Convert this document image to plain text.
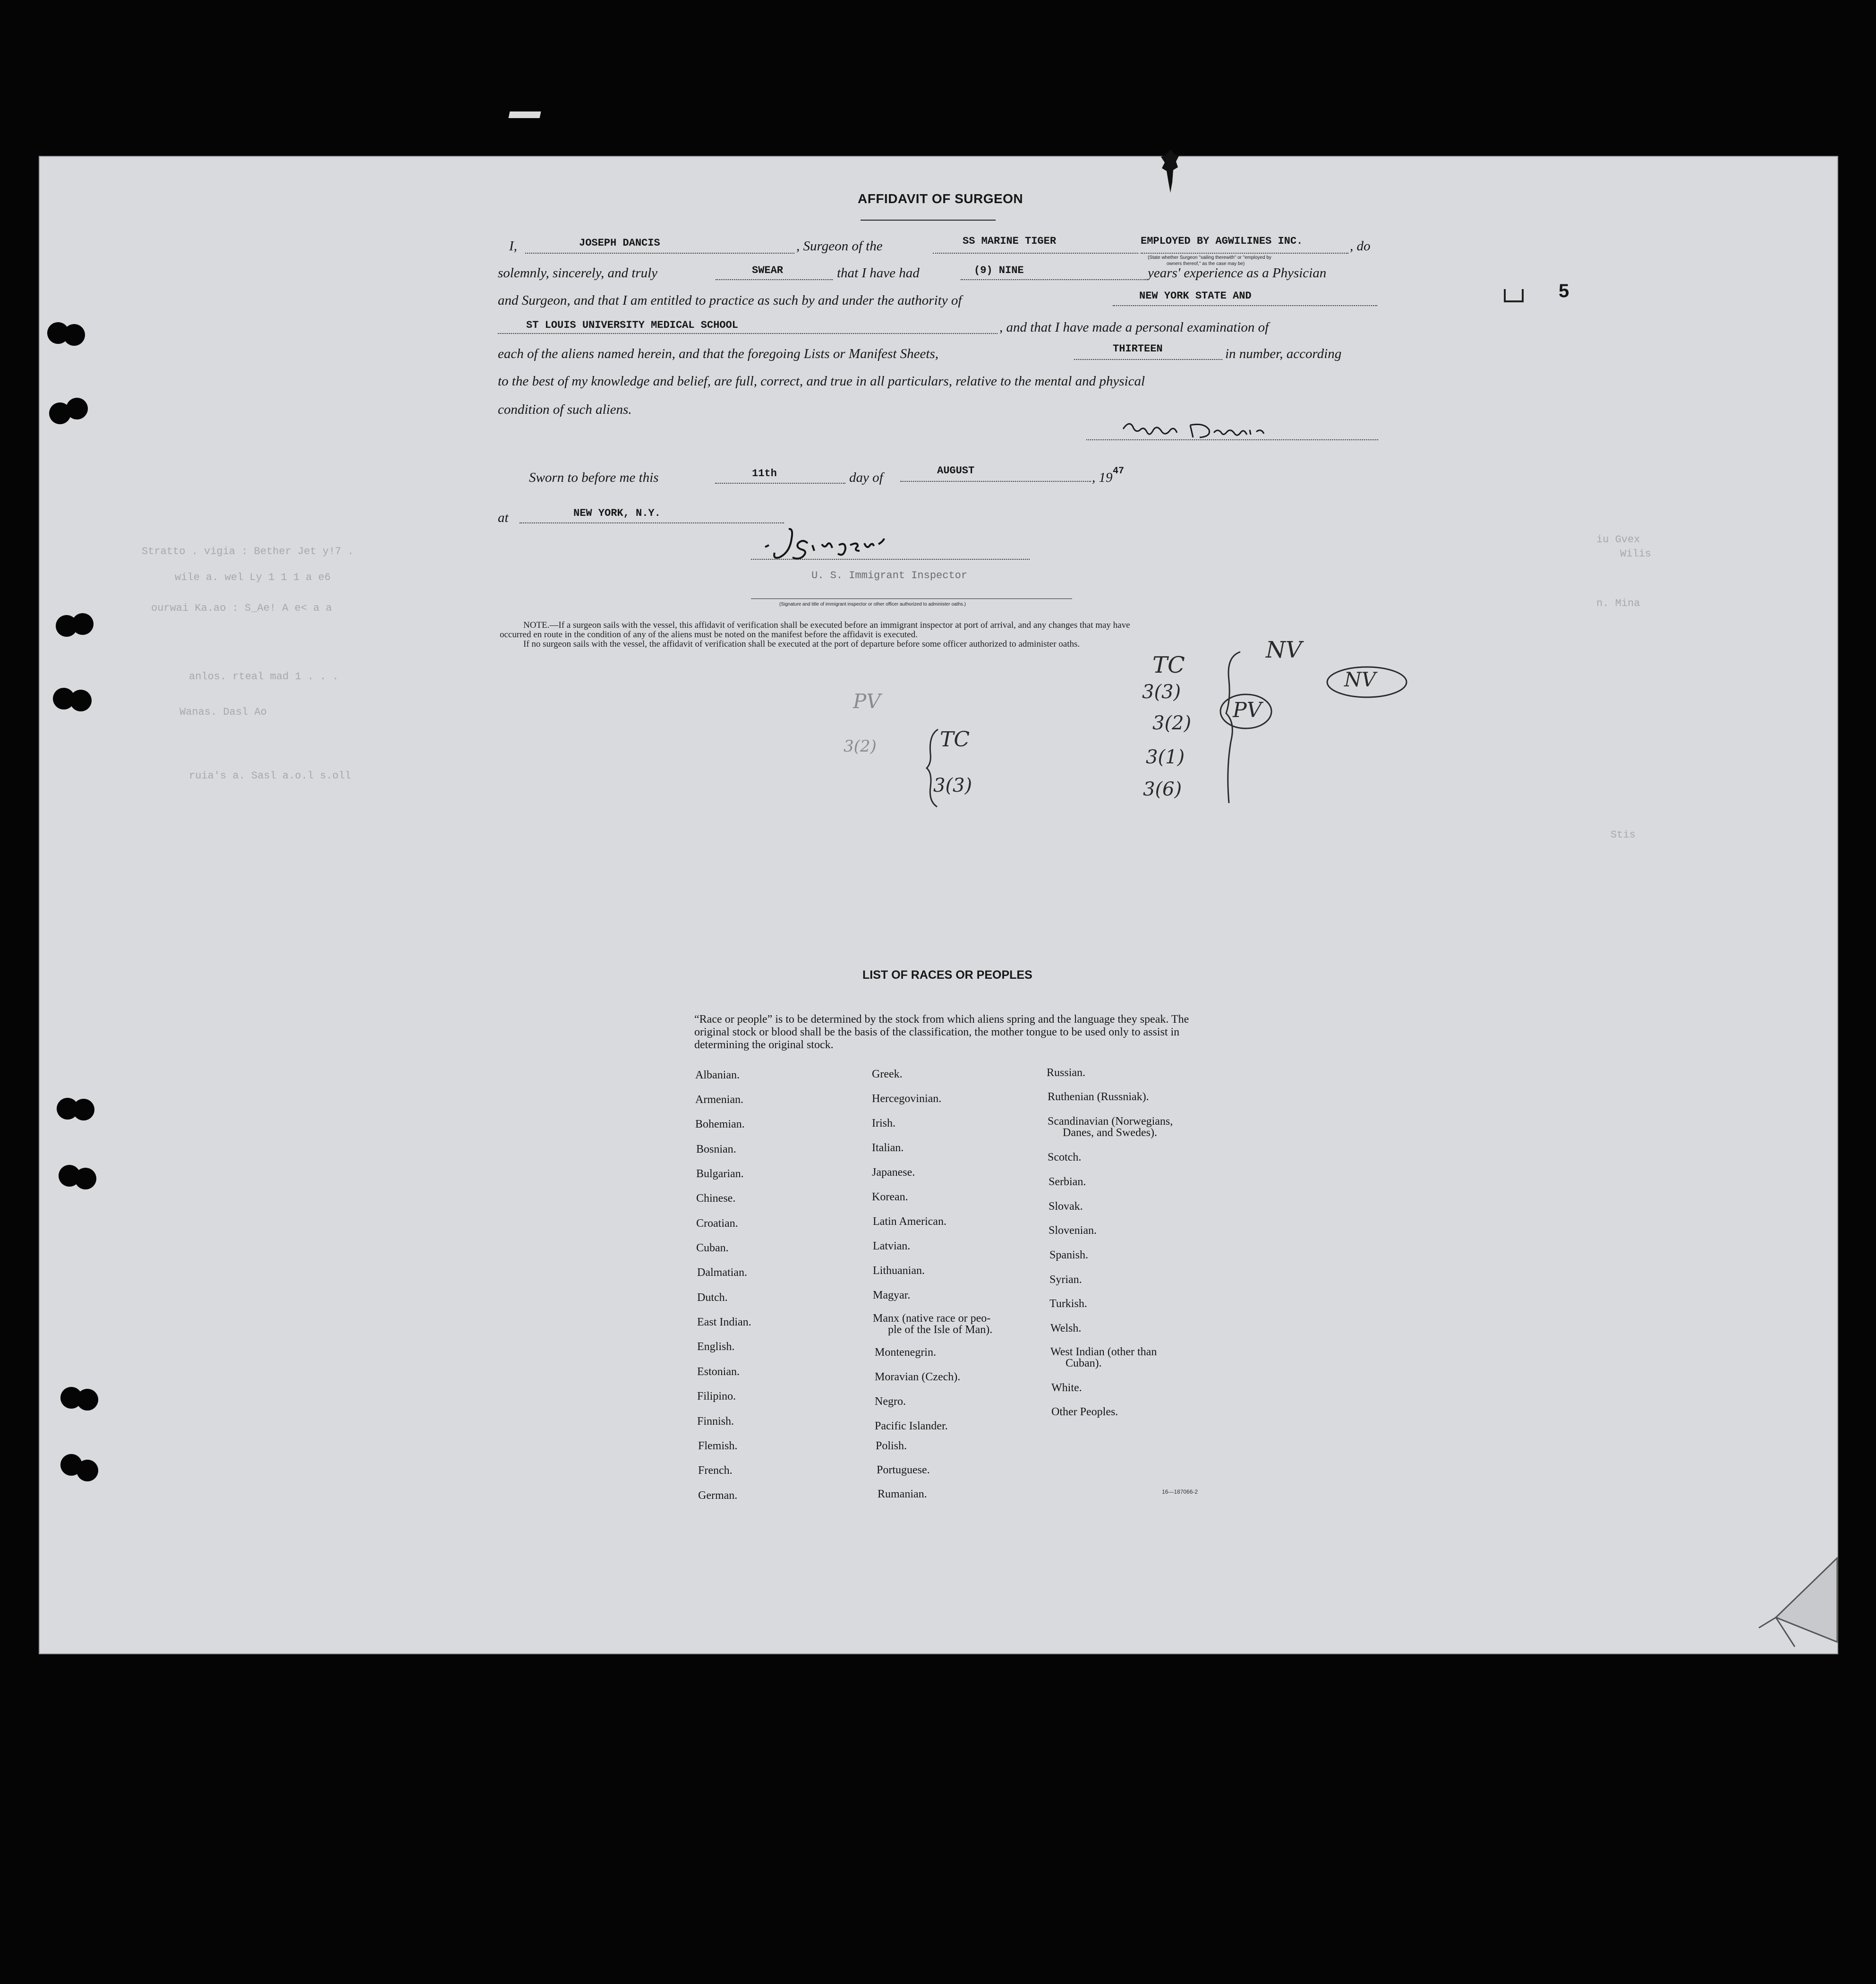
Stratto . vigia : Bether Jet y!7 .
wile a. wel Ly 1 1 1 a e6
ourwai Ka.ao : S_Ae! A e< a a
anlos. rteal mad 1 . . .
Wanas. Dasl Ao
ruia's a. Sasl a.o.l s.oll
iu Gvex
Wilis
n. Mina
Stis
AFFIDAVIT OF SURGEON
I,	JOSEPH DANCIS	, Surgeon of the	SS MARINE TIGER	EMPLOYED BY AGWILINES INC.	, do
(State whether Surgeon "sailing therewith" or "employed by
owners thereof," as the case may be)
solemnly, sincerely, and truly	SWEAR	that I have had	(9) NINE	years' experience as a Physician
and Surgeon, and that I am entitled to practice as such by and under the authority of	NEW YORK STATE AND
ST LOUIS UNIVERSITY MEDICAL SCHOOL	, and that I have made a personal examination of
each of the aliens named herein, and that the foregoing Lists or Manifest Sheets,	THIRTEEN	in number, according
to the best of my knowledge and belief, are full, correct, and true in all particulars, relative to the mental and physical
condition of such aliens.
Sworn to before me this	11th	day of	AUGUST	, 19 47
at	NEW YORK, N.Y.
U. S. Immigrant Inspector
(Signature and title of immigrant inspector or other officer authorized to administer oaths.)
NOTE.—If a surgeon sails with the vessel, this affidavit of verification shall be executed before an immigrant inspector at port of arrival, and any changes that may have
occurred en route in the condition of any of the aliens must be noted on the manifest before the affidavit is executed.
If no surgeon sails with the vessel, the affidavit of verification shall be executed at the port of departure before some officer authorized to administer oaths.
5
TC
NV
3(3)
3(2)
3(1)
3(6)
PV
NV
PV
3(2)	TC
3(3)
LIST OF RACES OR PEOPLES
“Race or people” is to be determined by the stock from which aliens spring and the language they speak. The original stock or blood shall be the basis of the classification, the mother tongue to be used only to assist in determining the original stock.
Albanian.
Armenian.
Bohemian.
Bosnian.
Bulgarian.
Chinese.
Croatian.
Cuban.
Dalmatian.
Dutch.
East Indian.
English.
Estonian.
Filipino.
Finnish.
Flemish.
French.
German.
Greek.
Hercegovinian.
Irish.
Italian.
Japanese.
Korean.
Latin American.
Latvian.
Lithuanian.
Magyar.
Manx (native race or peo-
ple of the Isle of Man).
Montenegrin.
Moravian (Czech).
Negro.
Pacific Islander.
Polish.
Portuguese.
Rumanian.
Russian.
Ruthenian (Russniak).
Scandinavian (Norwegians,
Danes, and Swedes).
Scotch.
Serbian.
Slovak.
Slovenian.
Spanish.
Syrian.
Turkish.
Welsh.
West Indian (other than
Cuban).
White.
Other Peoples.
16—187066-2
